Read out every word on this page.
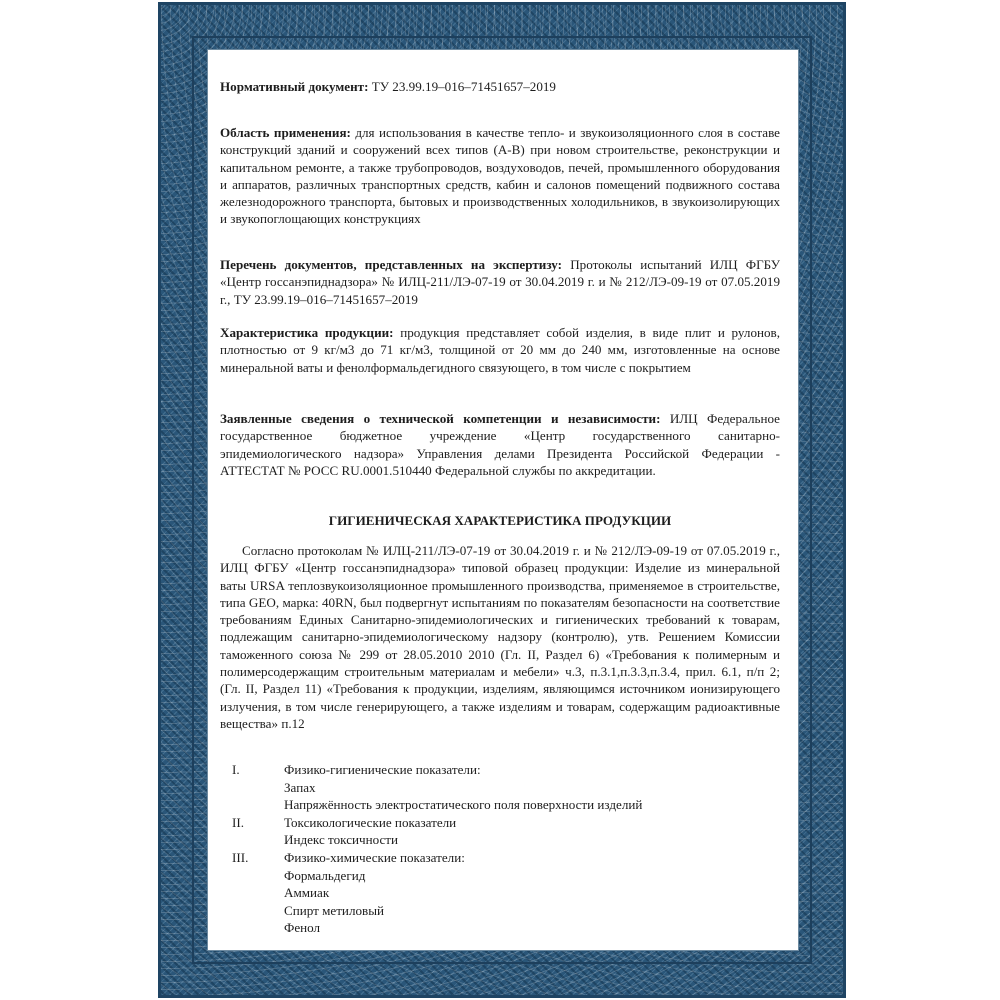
Нормативный документ: ТУ 23.99.19–016–71451657–2019

Область применения: для использования в качестве тепло- и звукоизоляционного слоя в составе конструкций зданий и сооружений всех типов (А-В) при новом строительстве, реконструкции и капитальном ремонте, а также трубопроводов, воздуховодов, печей, промышленного оборудования и аппаратов, различных транспортных средств, кабин и салонов помещений подвижного состава железнодорожного транспорта, бытовых и производственных холодильников, в звукоизолирующих и звукопоглощающих конструкциях

Перечень документов, представленных на экспертизу: Протоколы испытаний ИЛЦ ФГБУ «Центр госсанэпиднадзора» № ИЛЦ-211/ЛЭ-07-19 от 30.04.2019 г. и № 212/ЛЭ-09-19 от 07.05.2019 г., ТУ 23.99.19–016–71451657–2019

Характеристика продукции: продукция представляет собой изделия, в виде плит и рулонов, плотностью от 9 кг/м3 до 71 кг/м3, толщиной от 20 мм до 240 мм, изготовленные на основе минеральной ваты и фенолформальдегидного связующего, в том числе с покрытием

Заявленные сведения о технической компетенции и независимости: ИЛЦ Федеральное государственное бюджетное учреждение «Центр государственного санитарно-эпидемиологического надзора» Управления делами Президента Российской Федерации - АТТЕСТАТ № РОСС RU.0001.510440 Федеральной службы по аккредитации.

ГИГИЕНИЧЕСКАЯ ХАРАКТЕРИСТИКА ПРОДУКЦИИ

Согласно протоколам № ИЛЦ-211/ЛЭ-07-19 от 30.04.2019 г. и № 212/ЛЭ-09-19 от 07.05.2019 г., ИЛЦ ФГБУ «Центр госсанэпиднадзора» типовой образец продукции: Изделие из минеральной ваты URSA теплозвукоизоляционное промышленного производства, применяемое в строительстве, типа GEO, марка: 40RN, был подвергнут испытаниям по показателям безопасности на соответствие требованиям Единых Санитарно-эпидемиологических и гигиенических требований к товарам, подлежащим санитарно-эпидемиологическому надзору (контролю), утв. Решением Комиссии таможенного союза № 299 от 28.05.2010 2010 (Гл. II, Раздел 6) «Требования к полимерным и полимерсодержащим строительным материалам и мебели» ч.3, п.3.1,п.3.3,п.3.4, прил. 6.1, п/п 2; (Гл. II, Раздел 11) «Требования к продукции, изделиям, являющимся источником ионизирующего излучения, в том числе генерирующего, а также изделиям и товарам, содержащим радиоактивные вещества» п.12

I.	Физико-гигиенические показатели:
Запах
Напряжённость электростатического поля поверхности изделий
II.	Токсикологические показатели
Индекс токсичности
III.	Физико-химические показатели:
Формальдегид
Аммиак
Спирт метиловый
Фенол
